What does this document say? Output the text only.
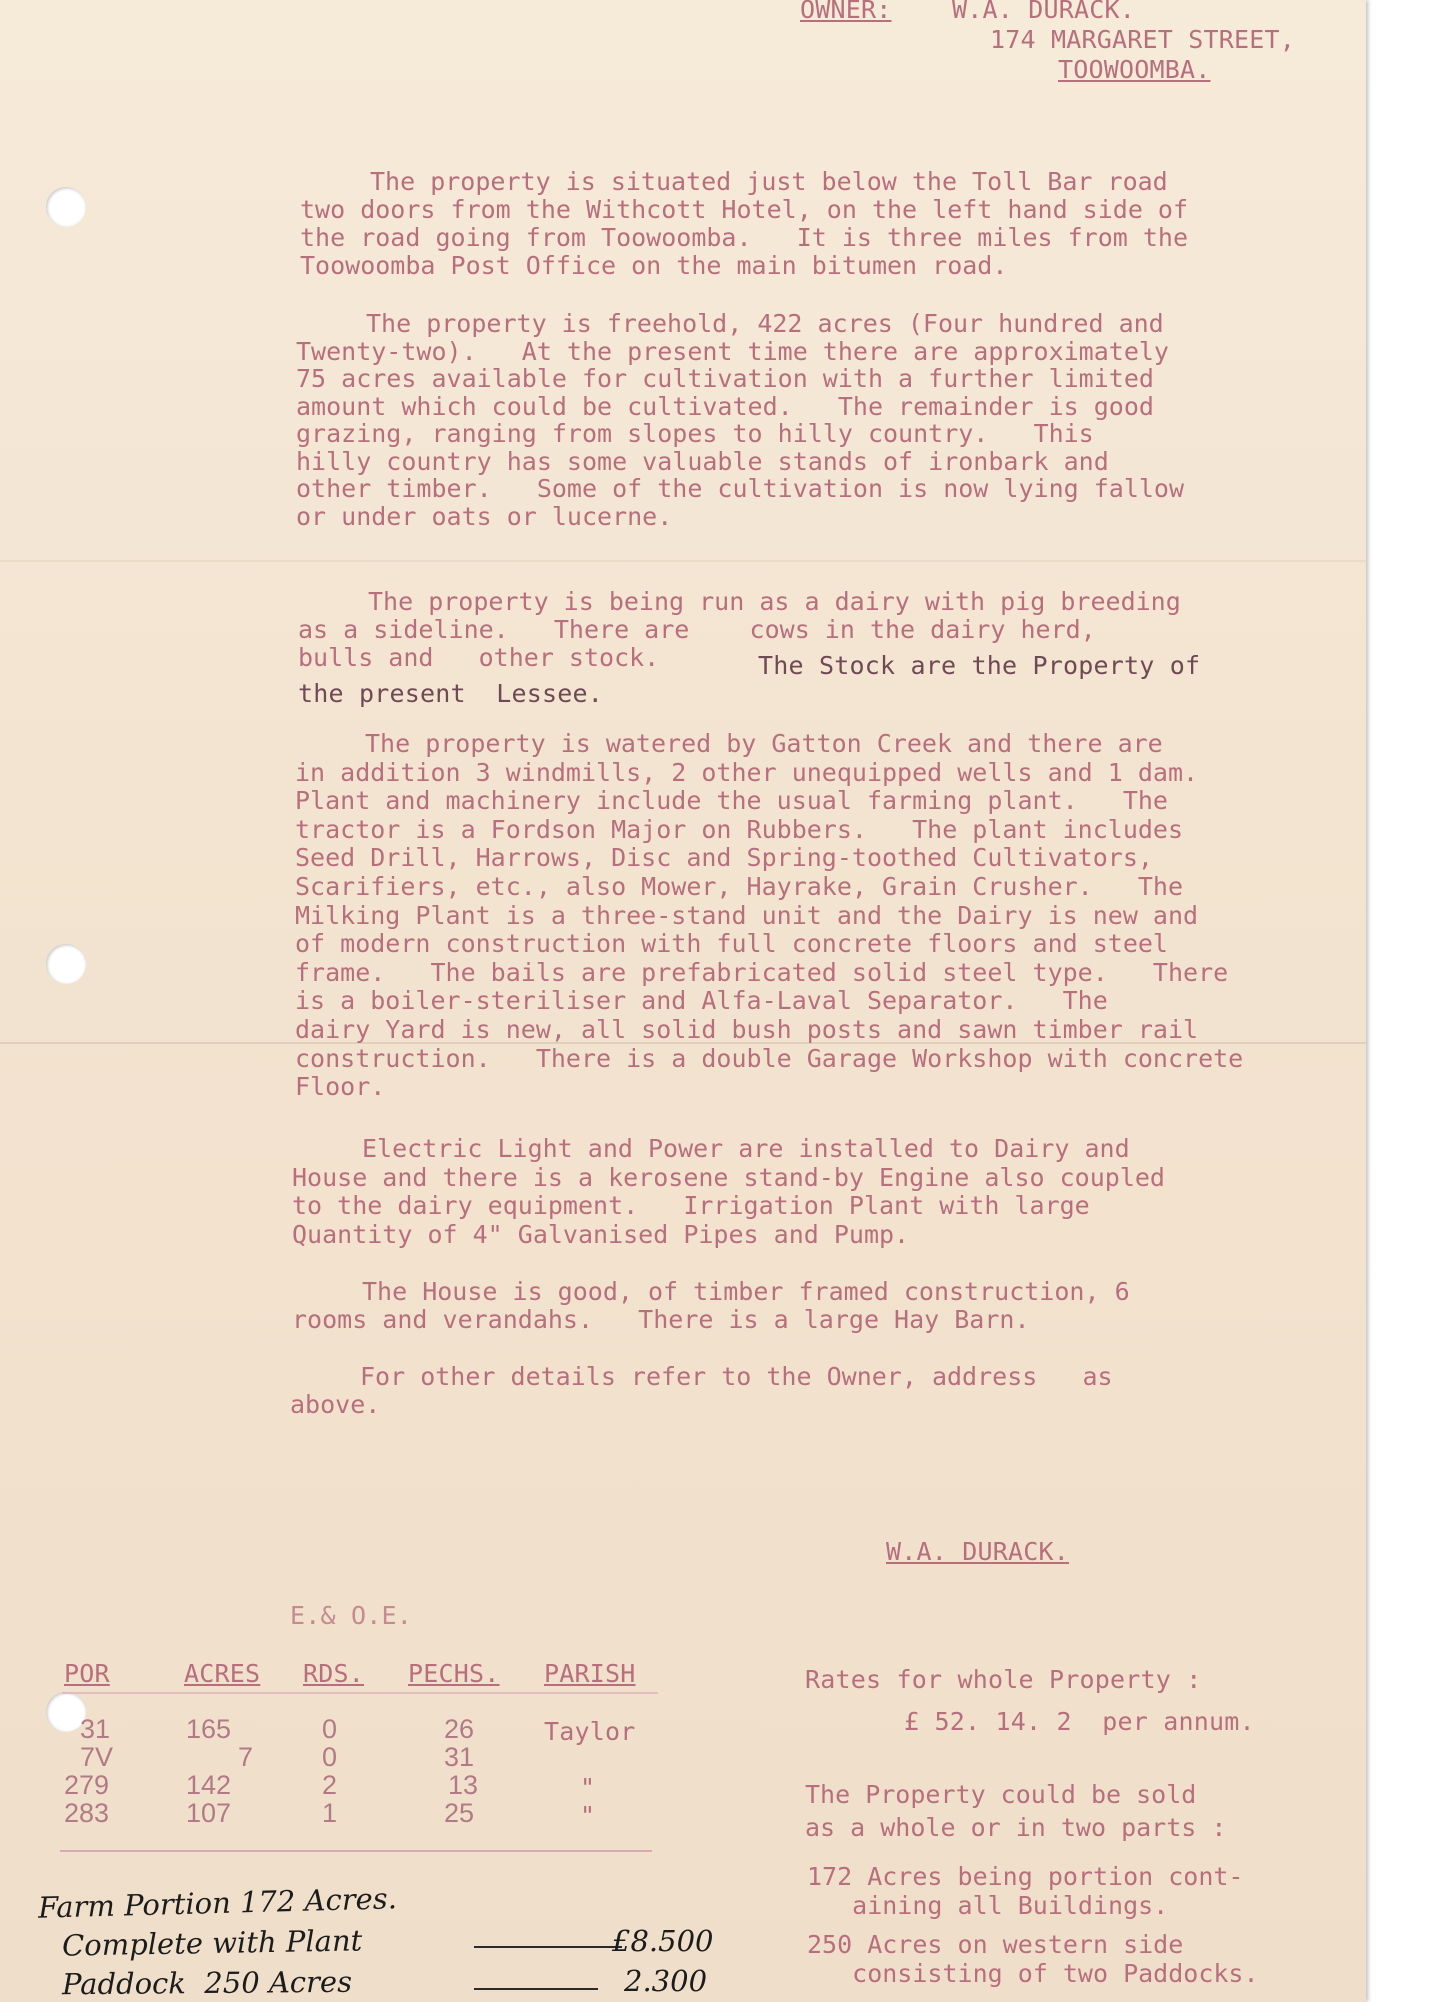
OWNER: W.A. DURACK.
174 MARGARET STREET,
TOOWOOMBA.
The property is situated just below the Toll Bar road
two doors from the Withcott Hotel, on the left hand side of
the road going from Toowoomba.   It is three miles from the
Toowoomba Post Office on the main bitumen road.
The property is freehold, 422 acres (Four hundred and
Twenty-two).   At the present time there are approximately
75 acres available for cultivation with a further limited
amount which could be cultivated.   The remainder is good
grazing, ranging from slopes to hilly country.   This
hilly country has some valuable stands of ironbark and
other timber.   Some of the cultivation is now lying fallow
or under oats or lucerne.
The property is being run as a dairy with pig breeding
as a sideline.   There are    cows in the dairy herd,
bulls and   other stock.	The Stock are the Property of
the present  Lessee.
The property is watered by Gatton Creek and there are
in addition 3 windmills, 2 other unequipped wells and 1 dam.
Plant and machinery include the usual farming plant.   The
tractor is a Fordson Major on Rubbers.   The plant includes
Seed Drill, Harrows, Disc and Spring-toothed Cultivators,
Scarifiers, etc., also Mower, Hayrake, Grain Crusher.   The
Milking Plant is a three-stand unit and the Dairy is new and
of modern construction with full concrete floors and steel
frame.   The bails are prefabricated solid steel type.   There
is a boiler-steriliser and Alfa-Laval Separator.   The
dairy Yard is new, all solid bush posts and sawn timber rail
construction.   There is a double Garage Workshop with concrete
Floor.
Electric Light and Power are installed to Dairy and
House and there is a kerosene stand-by Engine also coupled
to the dairy equipment.   Irrigation Plant with large
Quantity of 4" Galvanised Pipes and Pump.
The House is good, of timber framed construction, 6
rooms and verandahs.   There is a large Hay Barn.
For other details refer to the Owner, address   as
above.
W.A. DURACK.
E.& O.E.
POR	ACRES RDS. PECHS. PARISH
31	165	0	26	Taylor
7V	7	0	31
279	142	2	13	"
283	107	1	25	"
Rates for whole Property :
£ 52. 14. 2  per annum.
The Property could be sold
as a whole or in two parts :
172 Acres being portion cont-
aining all Buildings.
250 Acres on western side
consisting of two Paddocks.
Farm Portion 172 Acres.
Complete with Plant	£8.500
Paddock  250 Acres	2.300
